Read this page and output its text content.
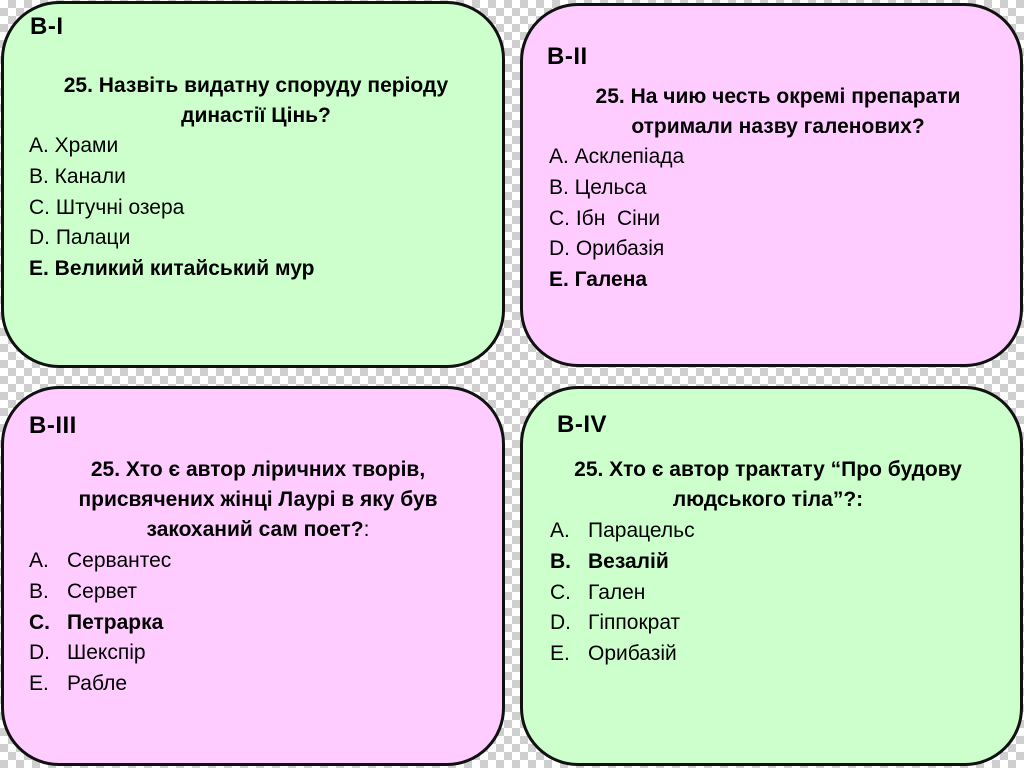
В-I
25. Назвіть видатну споруду періоду династії Цінь?
A. Храми
B. Канали
C. Штучні озера
D. Палаци
E. Великий китайський мур
В-II
25. На чию честь окремі препарати отримали назву галенових?
A. Асклепіада
B. Цельса
C. Ібн  Сіни
D. Орибазія
E. Галена
В-III
25. Хто є автор ліричних творів, присвячених жінці Лаурі в яку був закоханий сам поет?:
A. Сервантес
B. Сервет
C. Петрарка
D. Шекспір
E. Рабле
В-IV
25. Хто є автор трактату “Про будову людського тіла”?:
A. Парацельс
B. Везалій
C. Гален
D. Гіппократ
E. Орибазій
